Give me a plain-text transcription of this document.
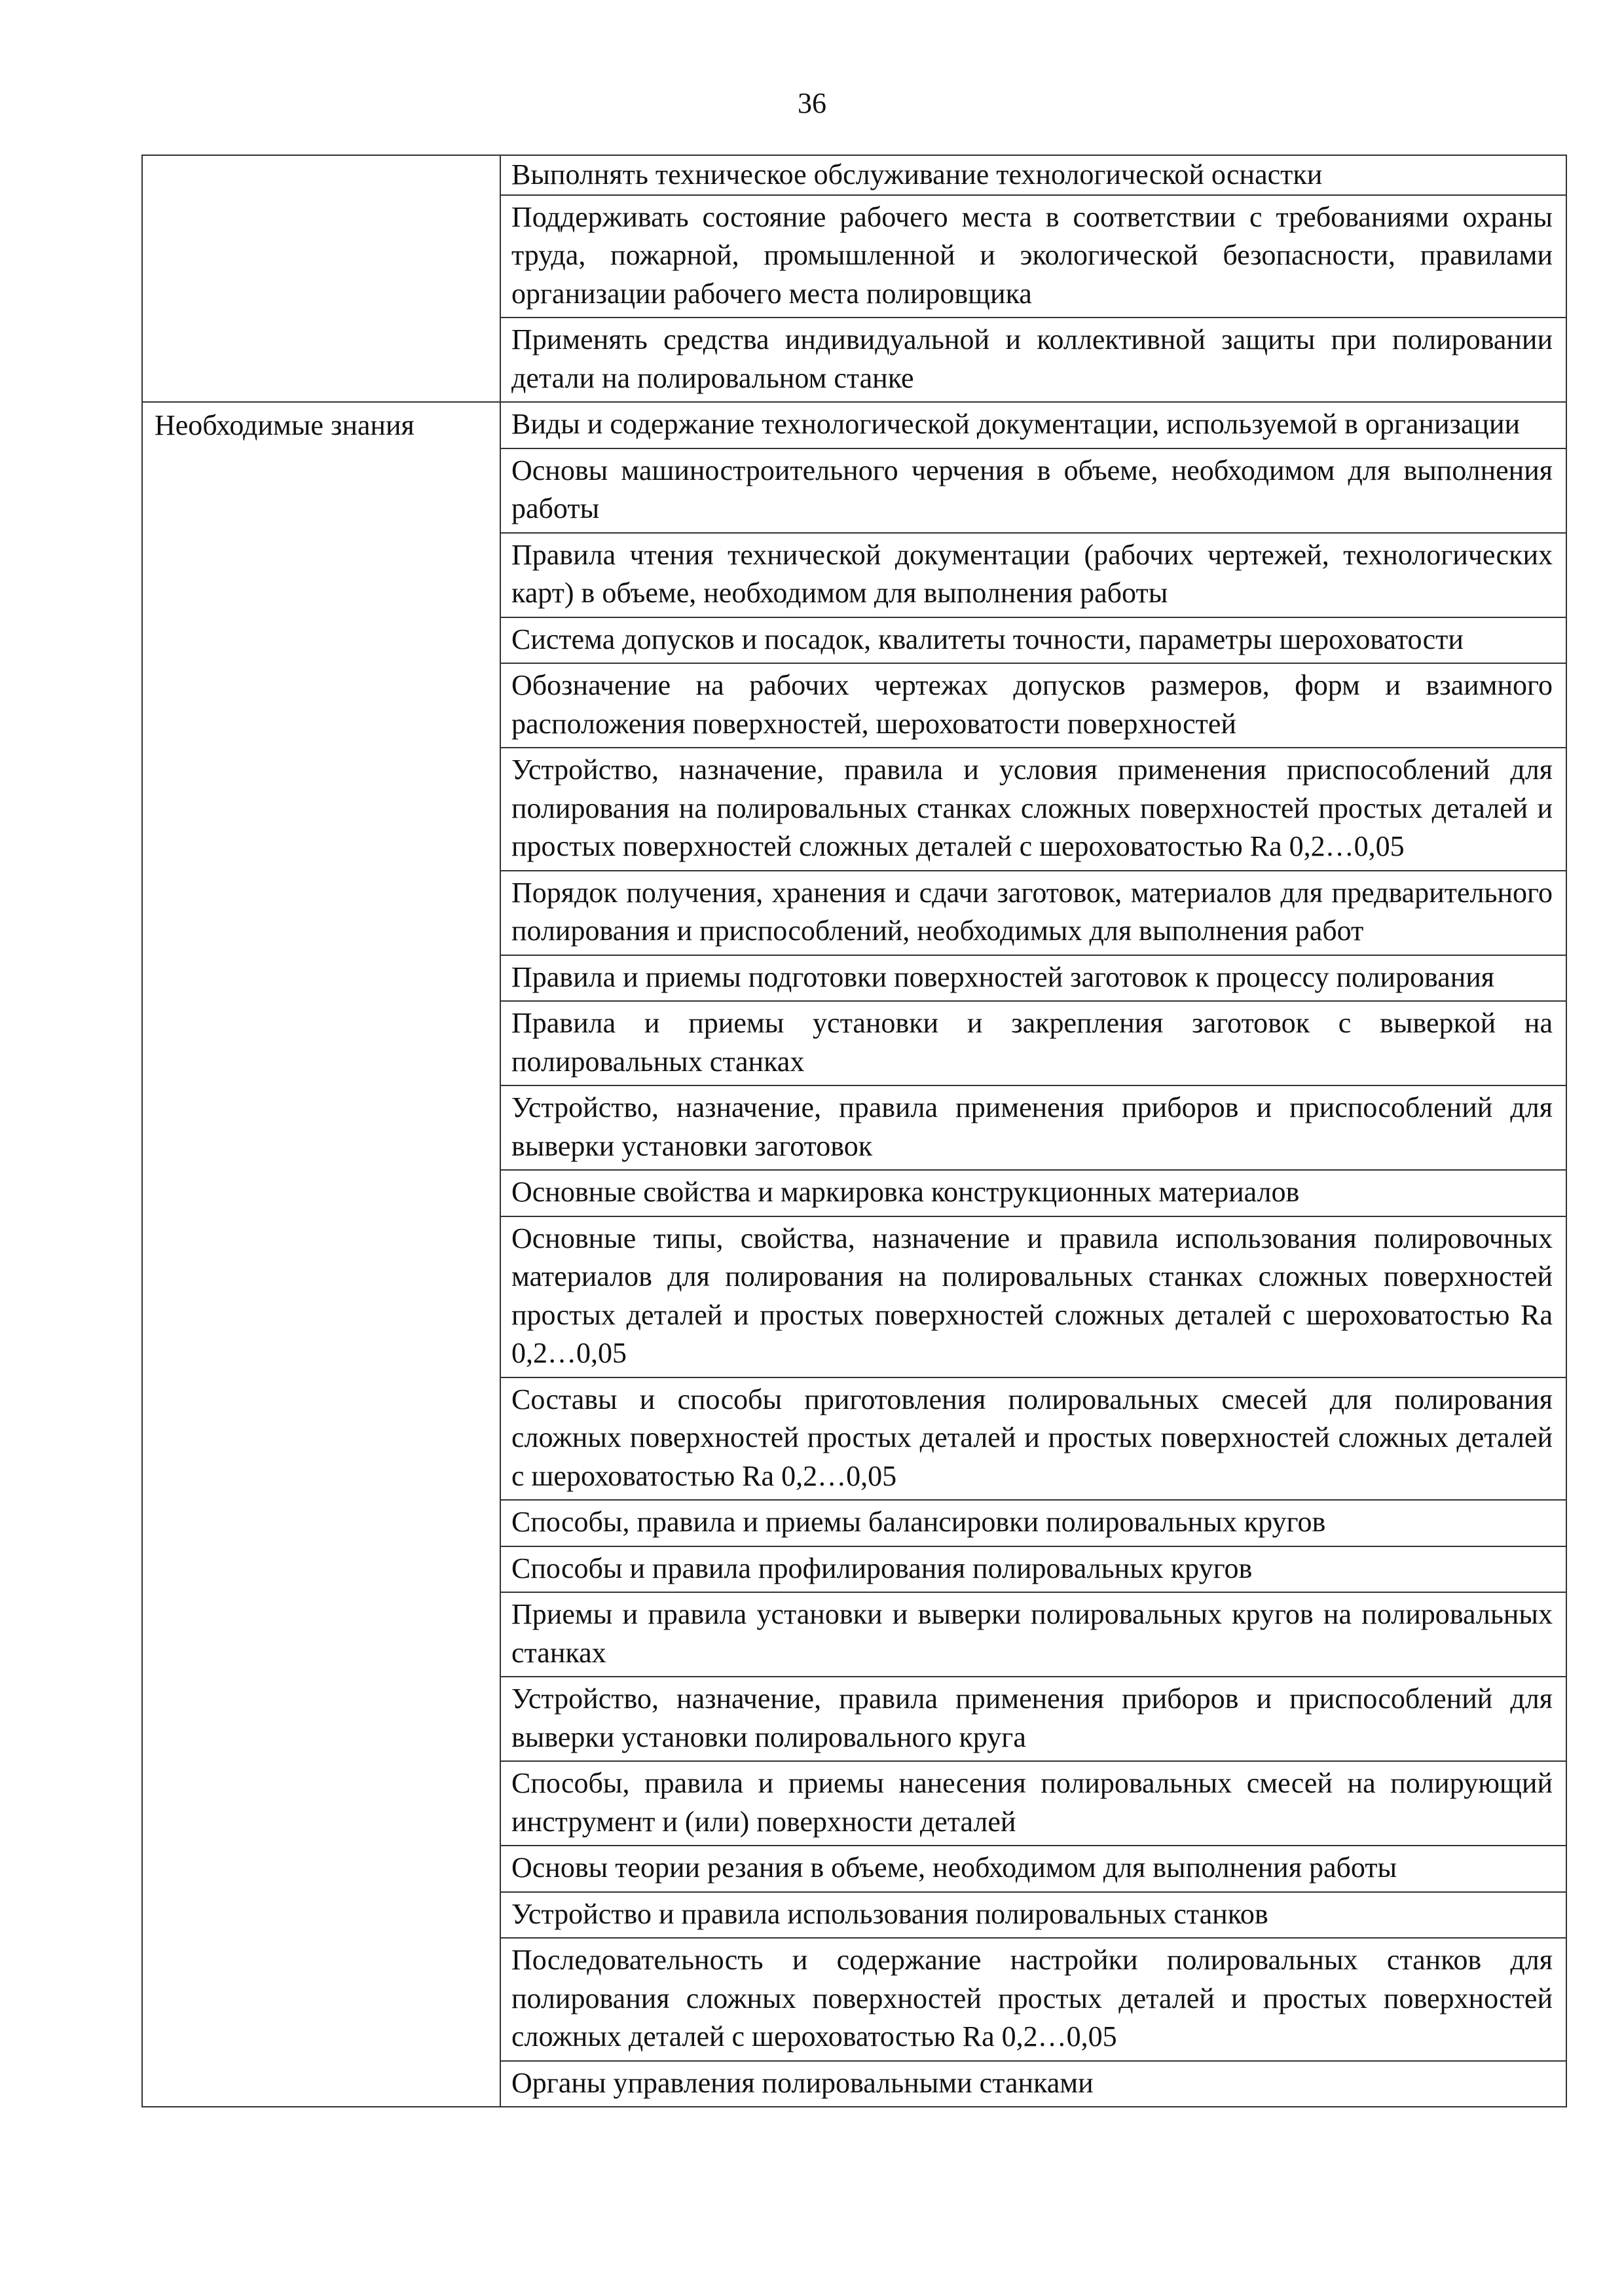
36
	Выполнять техническое обслуживание технологической оснастки
	Поддерживать состояние рабочего места в соответствии с требованиями охраны труда, пожарной, промышленной и экологической безопасности, правилами организации рабочего места полировщика
	Применять средства индивидуальной и коллективной защиты при полировании детали на полировальном станке
Необходимые знания	Виды и содержание технологической документации, используемой в организации
	Основы машиностроительного черчения в объеме, необходимом для выполнения работы
	Правила чтения технической документации (рабочих чертежей, технологических карт) в объеме, необходимом для выполнения работы
	Система допусков и посадок, квалитеты точности, параметры шероховатости
	Обозначение на рабочих чертежах допусков размеров, форм и взаимного расположения поверхностей, шероховатости поверхностей
	Устройство, назначение, правила и условия применения приспособлений для полирования на полировальных станках сложных поверхностей простых деталей и простых поверхностей сложных деталей с шероховатостью Ra 0,2…0,05
	Порядок получения, хранения и сдачи заготовок, материалов для предварительного полирования и приспособлений, необходимых для выполнения работ
	Правила и приемы подготовки поверхностей заготовок к процессу полирования
	Правила и приемы установки и закрепления заготовок с выверкой на полировальных станках
	Устройство, назначение, правила применения приборов и приспособлений для выверки установки заготовок
	Основные свойства и маркировка конструкционных материалов
	Основные типы, свойства, назначение и правила использования полировочных материалов для полирования на полировальных станках сложных поверхностей простых деталей и простых поверхностей сложных деталей с шероховатостью Ra 0,2…0,05
	Составы и способы приготовления полировальных смесей для полирования сложных поверхностей простых деталей и простых поверхностей сложных деталей с шероховатостью Ra 0,2…0,05
	Способы, правила и приемы балансировки полировальных кругов
	Способы и правила профилирования полировальных кругов
	Приемы и правила установки и выверки полировальных кругов на полировальных станках
	Устройство, назначение, правила применения приборов и приспособлений для выверки установки полировального круга
	Способы, правила и приемы нанесения полировальных смесей на полирующий инструмент и (или) поверхности деталей
	Основы теории резания в объеме, необходимом для выполнения работы
	Устройство и правила использования полировальных станков
	Последовательность и содержание настройки полировальных станков для полирования сложных поверхностей простых деталей и простых поверхностей сложных деталей с шероховатостью Ra 0,2…0,05
	Органы управления полировальными станками
